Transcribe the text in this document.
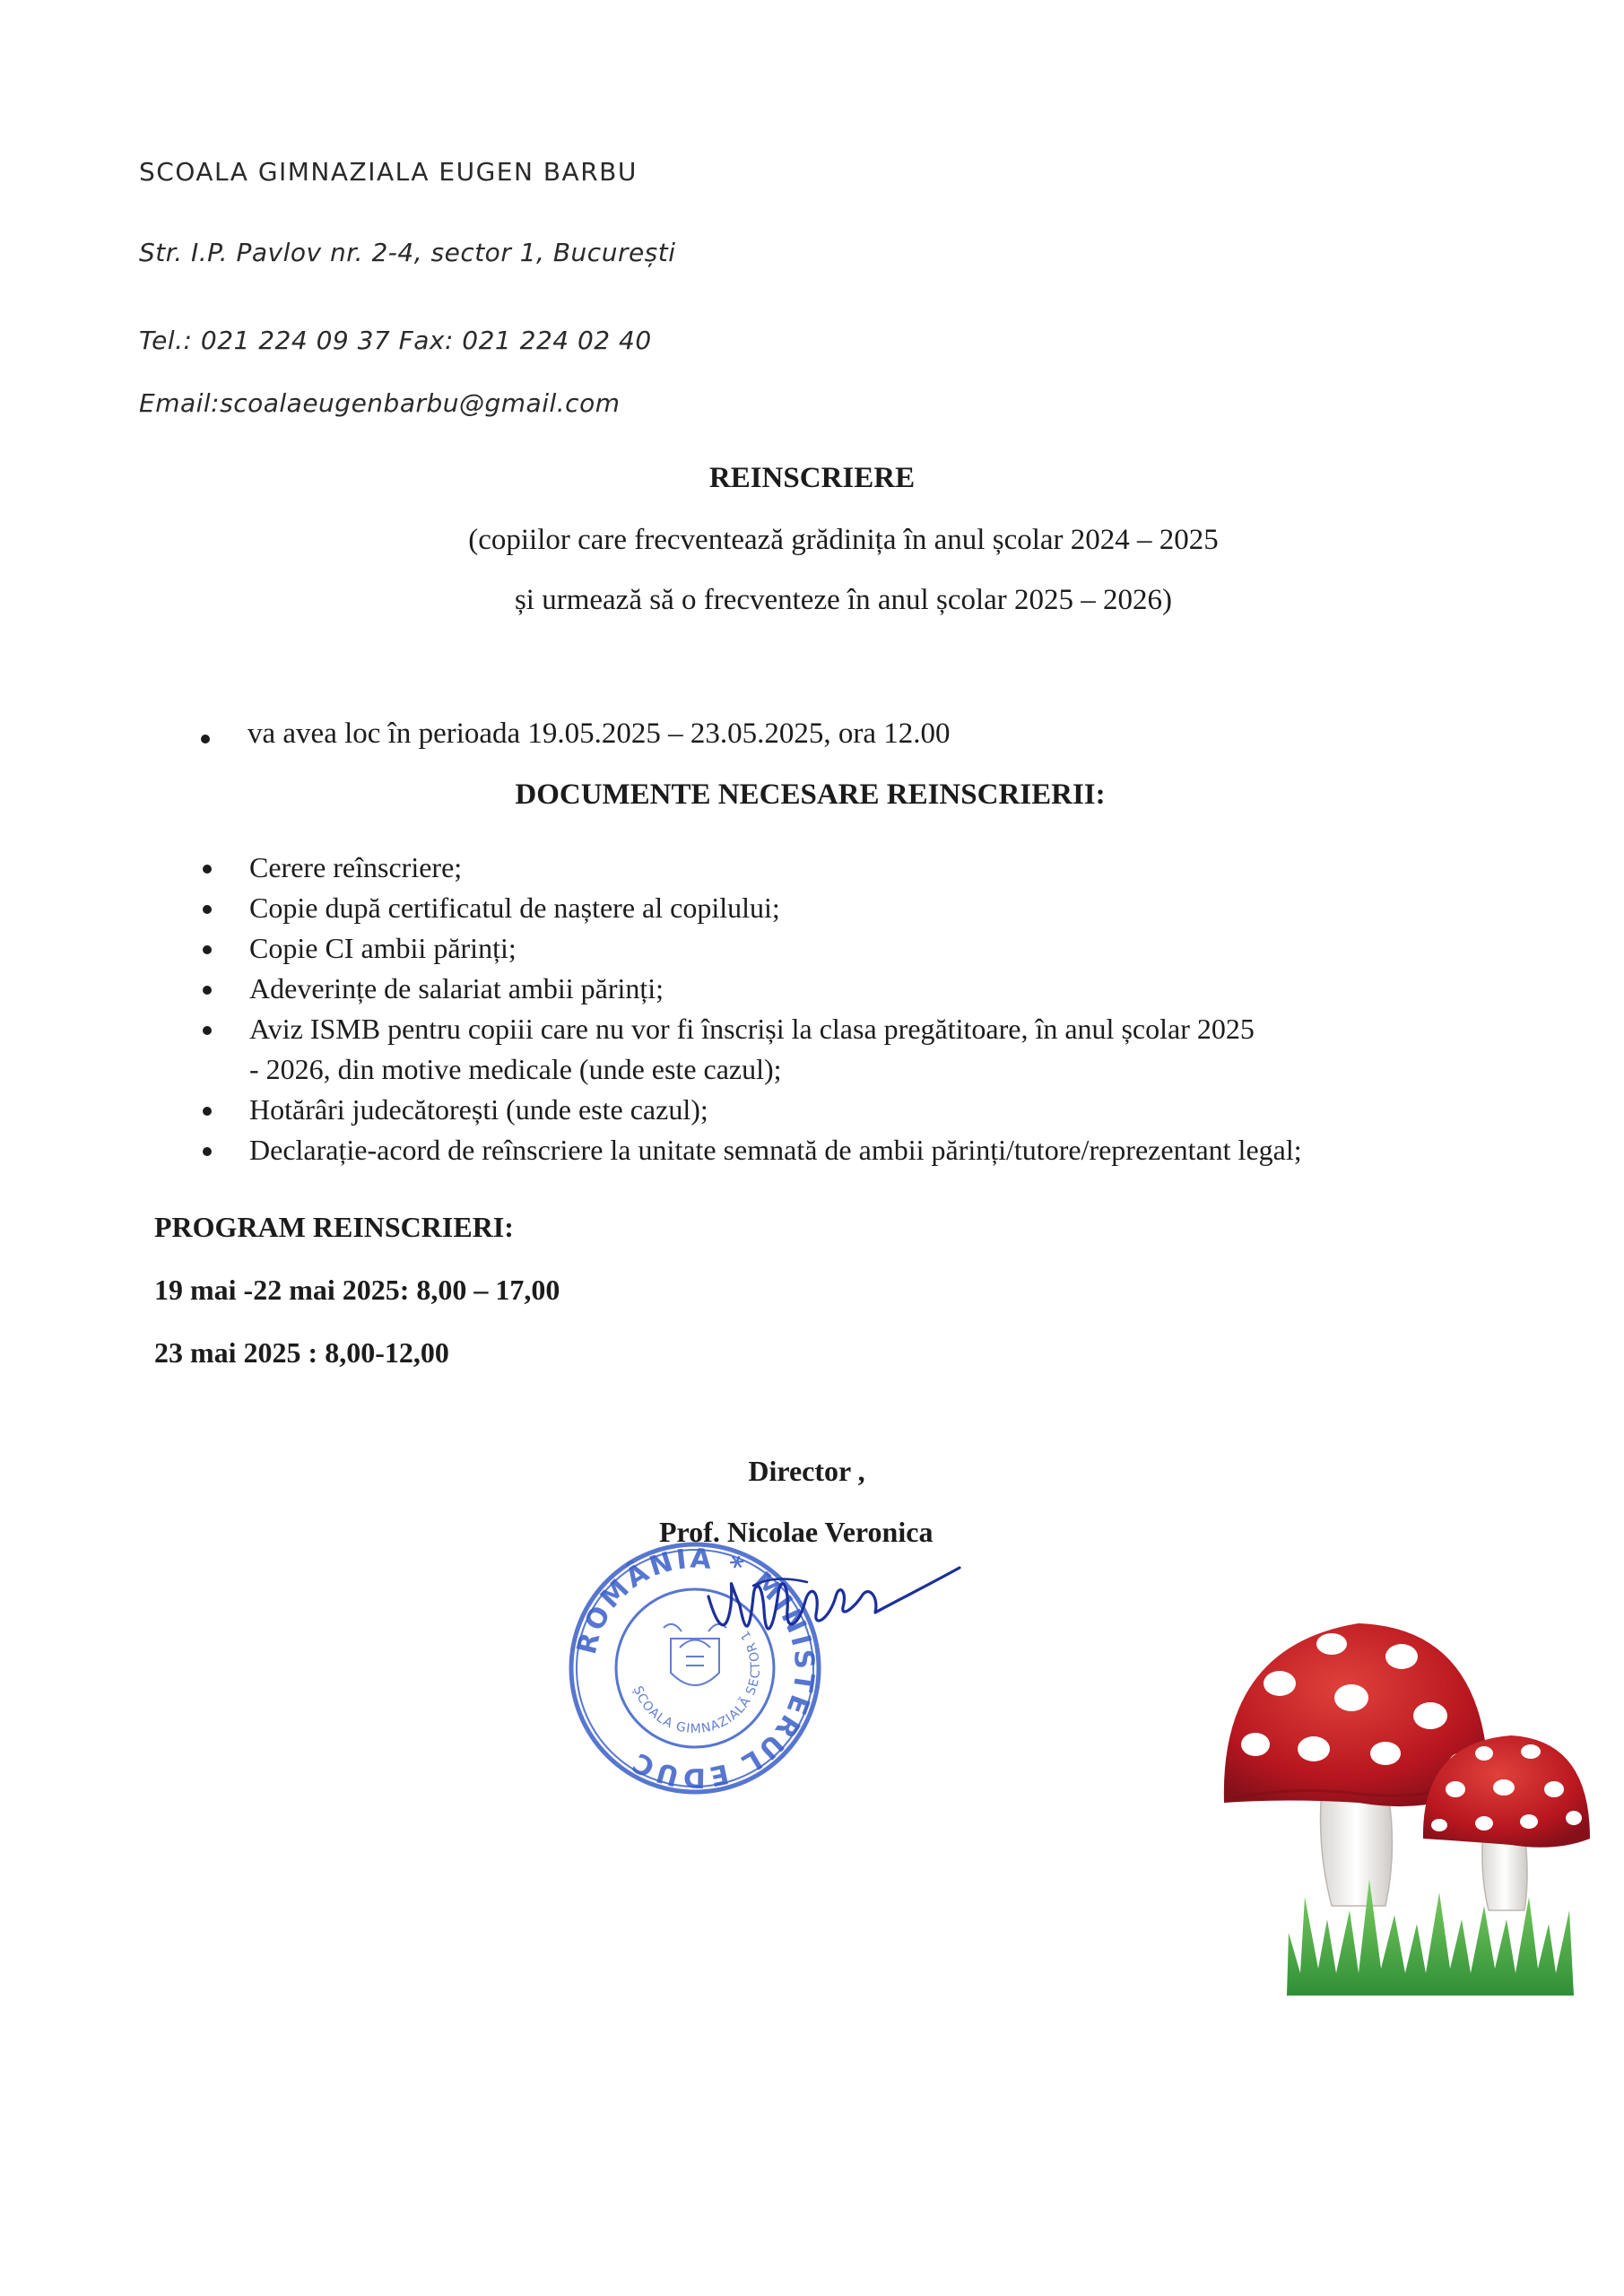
SCOALA GIMNAZIALA EUGEN BARBU
Str. I.P. Pavlov nr. 2-4, sector 1, București
Tel.: 021 224 09 37 Fax: 021 224 02 40
Email:scoalaeugenbarbu@gmail.com
REINSCRIERE
(copiilor care frecventează grădinița în anul școlar 2024 – 2025
și urmează să o frecventeze în anul școlar 2025 – 2026)
va avea loc în perioada 19.05.2025 – 23.05.2025, ora 12.00
DOCUMENTE NECESARE REINSCRIERII:
Cerere reînscriere;
Copie după certificatul de naștere al copilului;
Copie CI ambii părinți;
Adeverințe de salariat ambii părinți;
Aviz ISMB pentru copiii care nu vor fi înscriși la clasa pregătitoare, în anul școlar 2025 - 2026, din motive medicale (unde este cazul);
Hotărâri judecătorești (unde este cazul);
Declarație-acord de reînscriere la unitate semnată de ambii părinți/tutore/reprezentant legal;
PROGRAM REINSCRIERI:
19 mai -22 mai 2025: 8,00 – 17,00
23 mai 2025 : 8,00-12,00
Director ,
Prof. Nicolae Veronica
ROMÂNIA * MINISTERUL EDUC
ȘCOALA GIMNAZIALĂ SECTOR 1
